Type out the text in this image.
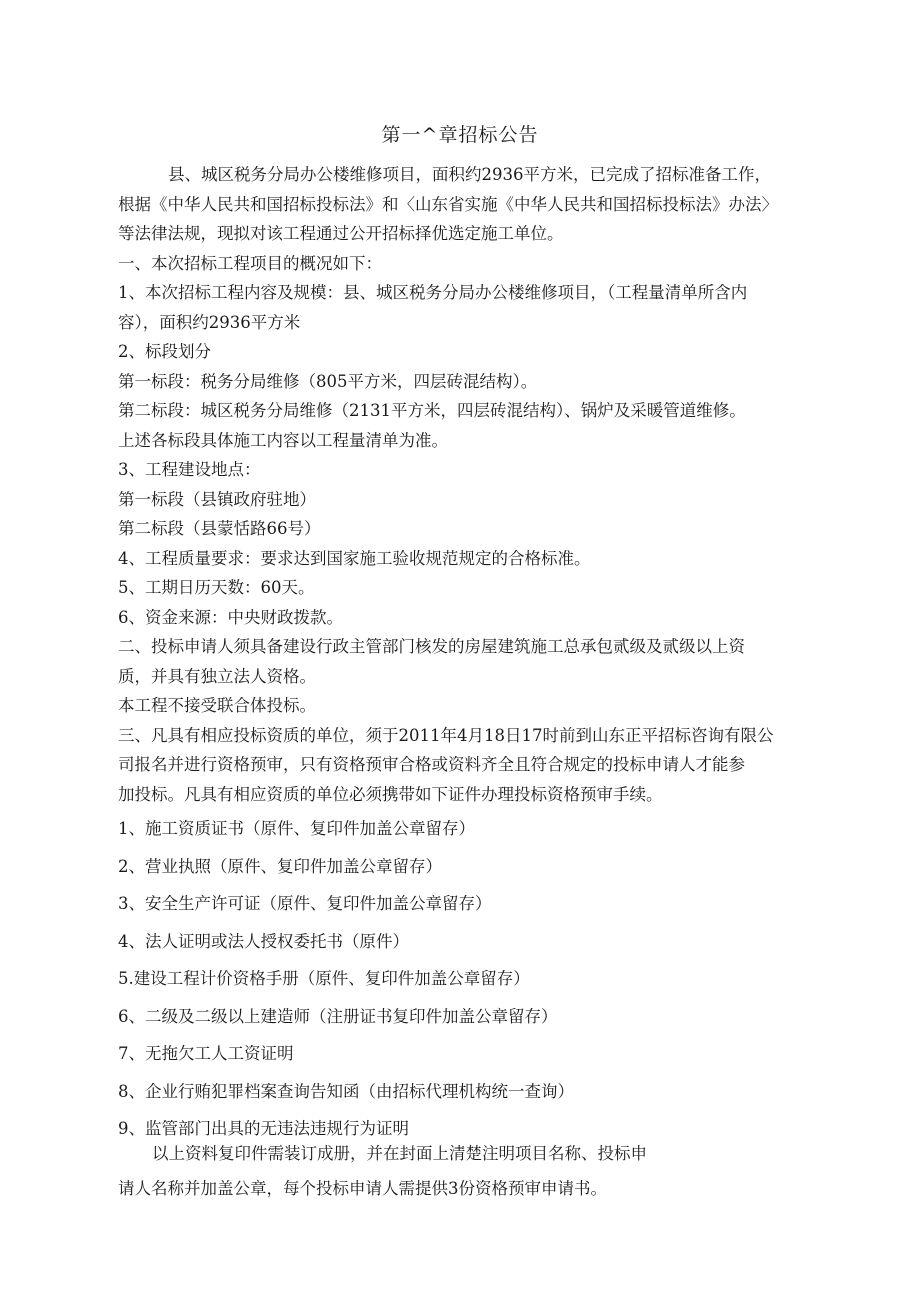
第一^章招标公告

县、城区税务分局办公楼维修项目，面积约2936平方米，已完成了招标准备工作，

根据《中华人民共和国招标投标法》和〈山东省实施《中华人民共和国招标投标法》办法〉

等法律法规，现拟对该工程通过公开招标择优选定施工单位。

一、本次招标工程项目的概况如下：

1、本次招标工程内容及规模：县、城区税务分局办公楼维修项目，（工程量清单所含内

容），面积约2936平方米

2、标段划分

第一标段：税务分局维修（805平方米，四层砖混结构）。

第二标段：城区税务分局维修（2131平方米，四层砖混结构）、锅炉及采暖管道维修。

上述各标段具体施工内容以工程量清单为准。

3、工程建设地点：

第一标段（县镇政府驻地）

第二标段（县蒙恬路66号）

4、工程质量要求：要求达到国家施工验收规范规定的合格标准。

5、工期日历天数：60天。

6、资金来源：中央财政拨款。

二、投标申请人须具备建设行政主管部门核发的房屋建筑施工总承包贰级及贰级以上资

质，并具有独立法人资格。

本工程不接受联合体投标。

三、凡具有相应投标资质的单位，须于2011年4月18日17时前到山东正平招标咨询有限公

司报名并进行资格预审，只有资格预审合格或资料齐全且符合规定的投标申请人才能参

加投标。凡具有相应资质的单位必须携带如下证件办理投标资格预审手续。

1、施工资质证书（原件、复印件加盖公章留存）

2、营业执照（原件、复印件加盖公章留存）

3、安全生产许可证（原件、复印件加盖公章留存）

4、法人证明或法人授权委托书（原件）

5.建设工程计价资格手册（原件、复印件加盖公章留存）

6、二级及二级以上建造师（注册证书复印件加盖公章留存）

7、无拖欠工人工资证明

8、企业行贿犯罪档案查询告知函（由招标代理机构统一查询）

9、监管部门出具的无违法违规行为证明

以上资料复印件需装订成册，并在封面上清楚注明项目名称、投标申

请人名称并加盖公章，每个投标申请人需提供3份资格预审申请书。
